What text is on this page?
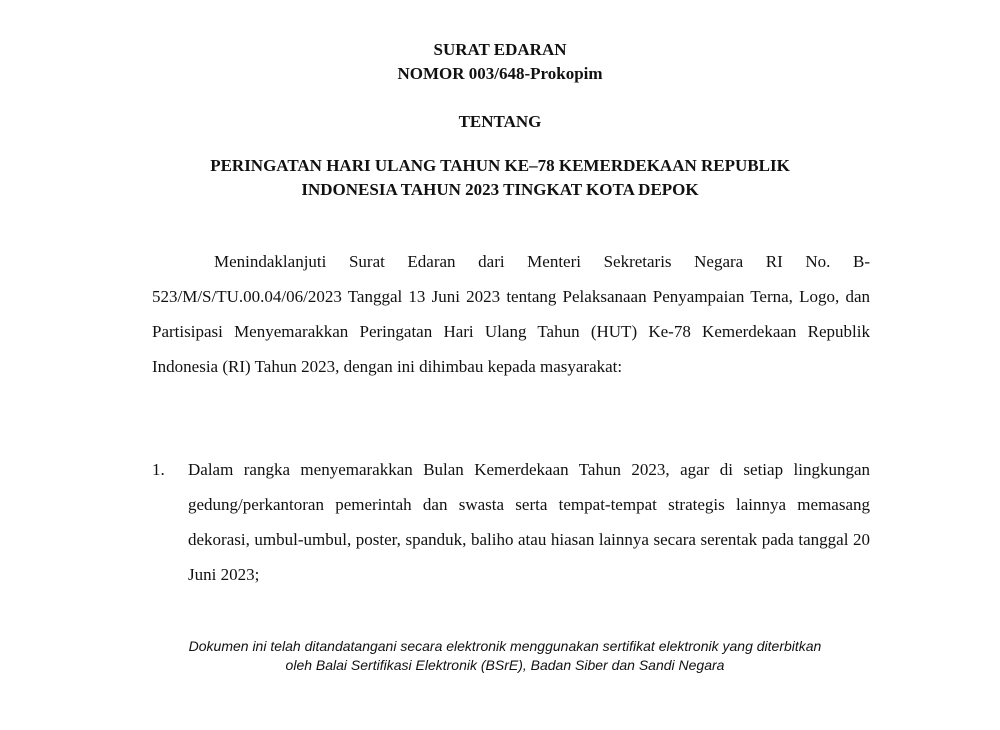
SURAT EDARAN

NOMOR 003/648-Prokopim

TENTANG

PERINGATAN HARI ULANG TAHUN KE–78 KEMERDEKAAN REPUBLIK

INDONESIA TAHUN 2023 TINGKAT KOTA DEPOK

Menindaklanjuti Surat Edaran dari Menteri Sekretaris Negara RI No. B-523/M/S/TU.00.04/06/2023 Tanggal 13 Juni 2023 tentang Pelaksanaan Penyampaian Terna, Logo, dan Partisipasi Menyemarakkan Peringatan Hari Ulang Tahun (HUT) Ke-78 Kemerdekaan Republik Indonesia (RI) Tahun 2023, dengan ini dihimbau kepada masyarakat:

1.	Dalam rangka menyemarakkan Bulan Kemerdekaan Tahun 2023, agar di setiap lingkungan gedung/perkantoran pemerintah dan swasta serta tempat-tempat strategis lainnya memasang dekorasi, umbul-umbul, poster, spanduk, baliho atau hiasan lainnya secara serentak pada tanggal 20 Juni 2023;
Dokumen ini telah ditandatangani secara elektronik menggunakan sertifikat elektronik yang diterbitkan
oleh Balai Sertifikasi Elektronik (BSrE), Badan Siber dan Sandi Negara
